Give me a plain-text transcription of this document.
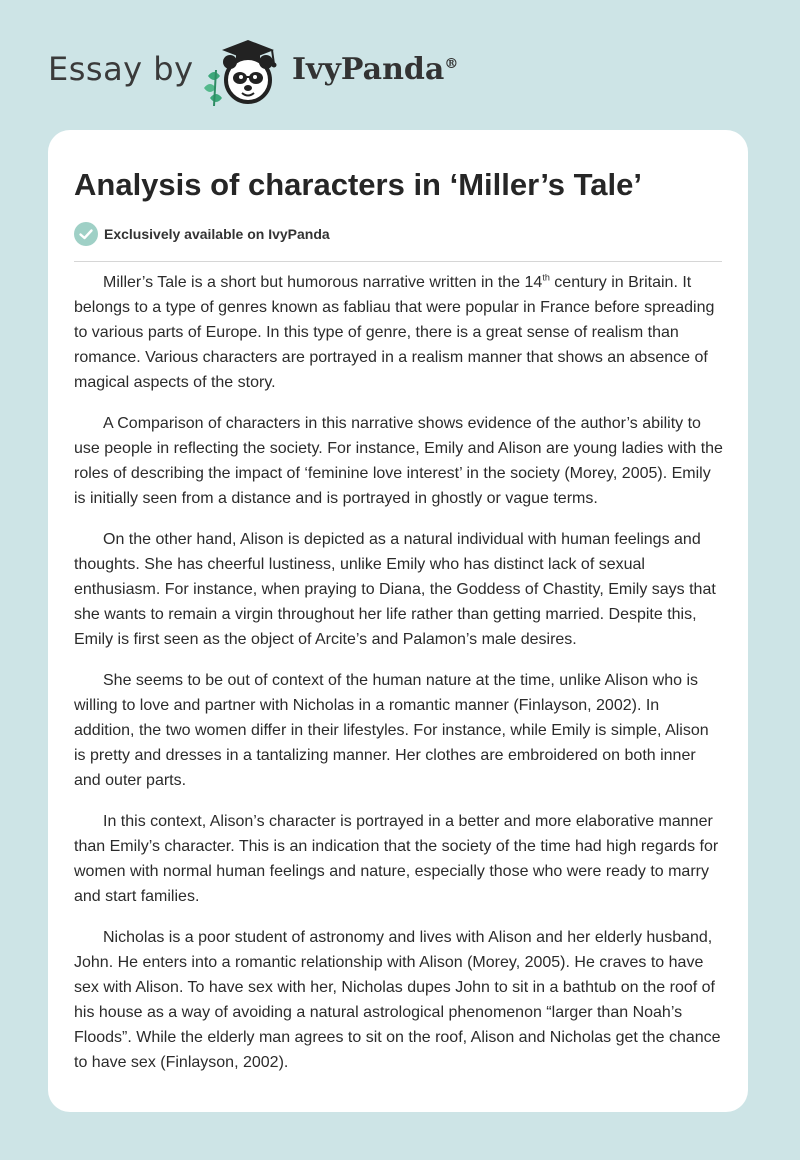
Essay by	IvyPanda®
Analysis of characters in ‘Miller’s Tale’
Exclusively available on IvyPanda

Miller’s Tale is a short but humorous narrative written in the 14th century in Britain. It belongs to a type of genres known as fabliau that were popular in France before spreading to various parts of Europe. In this type of genre, there is a great sense of realism than romance. Various characters are portrayed in a realism manner that shows an absence of magical aspects of the story.

A Comparison of characters in this narrative shows evidence of the author’s ability to use people in reflecting the society. For instance, Emily and Alison are young ladies with the roles of describing the impact of ‘feminine love interest’ in the society (Morey, 2005). Emily is initially seen from a distance and is portrayed in ghostly or vague terms.

On the other hand, Alison is depicted as a natural individual with human feelings and thoughts. She has cheerful lustiness, unlike Emily who has distinct lack of sexual enthusiasm. For instance, when praying to Diana, the Goddess of Chastity, Emily says that she wants to remain a virgin throughout her life rather than getting married. Despite this, Emily is first seen as the object of Arcite’s and Palamon’s male desires.

She seems to be out of context of the human nature at the time, unlike Alison who is willing to love and partner with Nicholas in a romantic manner (Finlayson, 2002). In addition, the two women differ in their lifestyles. For instance, while Emily is simple, Alison is pretty and dresses in a tantalizing manner. Her clothes are embroidered on both inner and outer parts.

In this context, Alison’s character is portrayed in a better and more elaborative manner than Emily’s character. This is an indication that the society of the time had high regards for women with normal human feelings and nature, especially those who were ready to marry and start families.

Nicholas is a poor student of astronomy and lives with Alison and her elderly husband, John. He enters into a romantic relationship with Alison (Morey, 2005). He craves to have sex with Alison. To have sex with her, Nicholas dupes John to sit in a bathtub on the roof of his house as a way of avoiding a natural astrological phenomenon “larger than Noah’s Floods”. While the elderly man agrees to sit on the roof, Alison and Nicholas get the chance to have sex (Finlayson, 2002).
